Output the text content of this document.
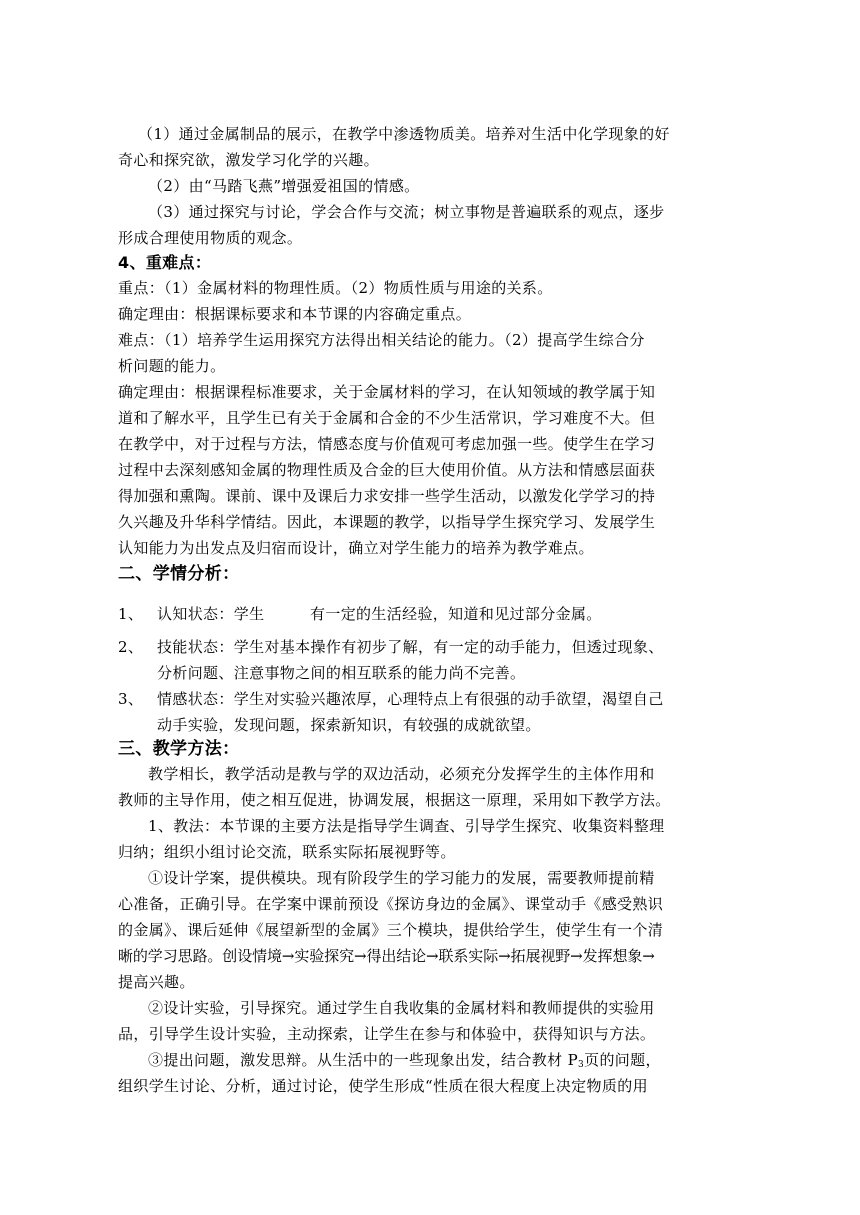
（1）通过金属制品的展示，在教学中渗透物质美。培养对生活中化学现象的好
奇心和探究欲，激发学习化学的兴趣。
（2）由“马踏飞燕”增强爱祖国的情感。
（3）通过探究与讨论，学会合作与交流；树立事物是普遍联系的观点，逐步
形成合理使用物质的观念。
4、重难点：
重点：（1）金属材料的物理性质。（2）物质性质与用途的关系。
确定理由：根据课标要求和本节课的内容确定重点。
难点：（1）培养学生运用探究方法得出相关结论的能力。（2）提高学生综合分
析问题的能力。
确定理由：根据课程标准要求，关于金属材料的学习，在认知领域的教学属于知
道和了解水平，且学生已有关于金属和合金的不少生活常识，学习难度不大。但
在教学中，对于过程与方法，情感态度与价值观可考虑加强一些。使学生在学习
过程中去深刻感知金属的物理性质及合金的巨大使用价值。从方法和情感层面获
得加强和熏陶。课前、课中及课后力求安排一些学生活动，以激发化学学习的持
久兴趣及升华科学情结。因此，本课题的教学，以指导学生探究学习、发展学生
认知能力为出发点及归宿而设计，确立对学生能力的培养为教学难点。
二、学情分析：
1、 认知状态：学生	有一定的生活经验，知道和见过部分金属。
2、 技能状态：学生对基本操作有初步了解，有一定的动手能力，但透过现象、
分析问题、注意事物之间的相互联系的能力尚不完善。
3、 情感状态：学生对实验兴趣浓厚，心理特点上有很强的动手欲望，渴望自己
动手实验，发现问题，探索新知识，有较强的成就欲望。
三、教学方法：
教学相长，教学活动是教与学的双边活动，必须充分发挥学生的主体作用和
教师的主导作用，使之相互促进，协调发展，根据这一原理，采用如下教学方法。
1、教法：本节课的主要方法是指导学生调查、引导学生探究、收集资料整理
归纳；组织小组讨论交流，联系实际拓展视野等。
①设计学案，提供模块。现有阶段学生的学习能力的发展，需要教师提前精
心准备，正确引导。在学案中课前预设《探访身边的金属》、课堂动手《感受熟识
的金属》、课后延伸《展望新型的金属》三个模块，提供给学生，使学生有一个清
晰的学习思路。创设情境→实验探究→得出结论→联系实际→拓展视野→发挥想象→
提高兴趣。
②设计实验，引导探究。通过学生自我收集的金属材料和教师提供的实验用
品，引导学生设计实验，主动探索，让学生在参与和体验中，获得知识与方法。
③提出问题，激发思辩。从生活中的一些现象出发，结合教材 $P_3$页的问题，
组织学生讨论、分析，通过讨论，使学生形成“性质在很大程度上决定物质的用
